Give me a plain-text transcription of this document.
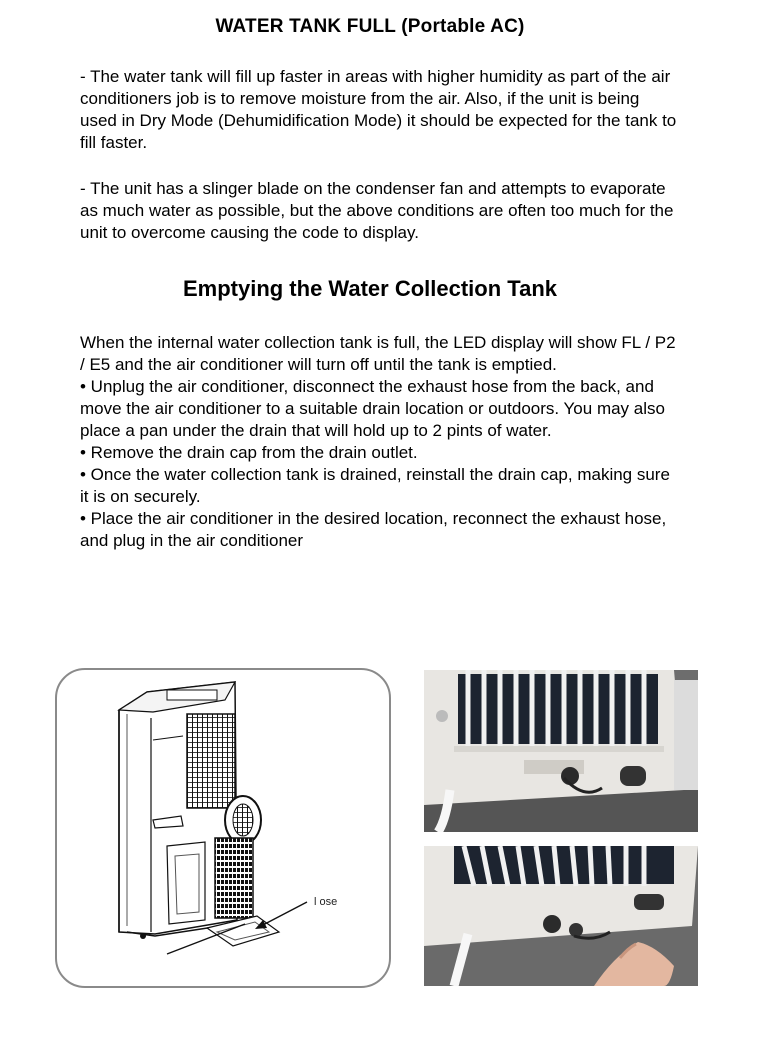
WATER TANK FULL (Portable AC)

- The water tank will fill up faster in areas with higher humidity as part of the air conditioners job is to remove moisture from the air. Also, if the unit is being used in Dry Mode (Dehumidification Mode) it should be expected for the tank to fill faster.

- The unit has a slinger blade on the condenser fan and attempts to evaporate as much water as possible, but the above conditions are often too much for the unit to overcome causing the code to display.

Emptying the Water Collection Tank
When the internal water collection tank is full, the LED display will show FL / P2 / E5 and the air conditioner will turn off until the tank is emptied.
• Unplug the air conditioner, disconnect the exhaust hose from the back, and move the air conditioner to a suitable drain location or outdoors. You may also place a pan under the drain that will hold up to 2 pints of water.
• Remove the drain cap from the drain outlet.
• Once the water collection tank is drained, reinstall the drain cap, making sure it is on securely.
• Place the air conditioner in the desired location, reconnect the exhaust hose, and plug in the air conditioner
l ose
